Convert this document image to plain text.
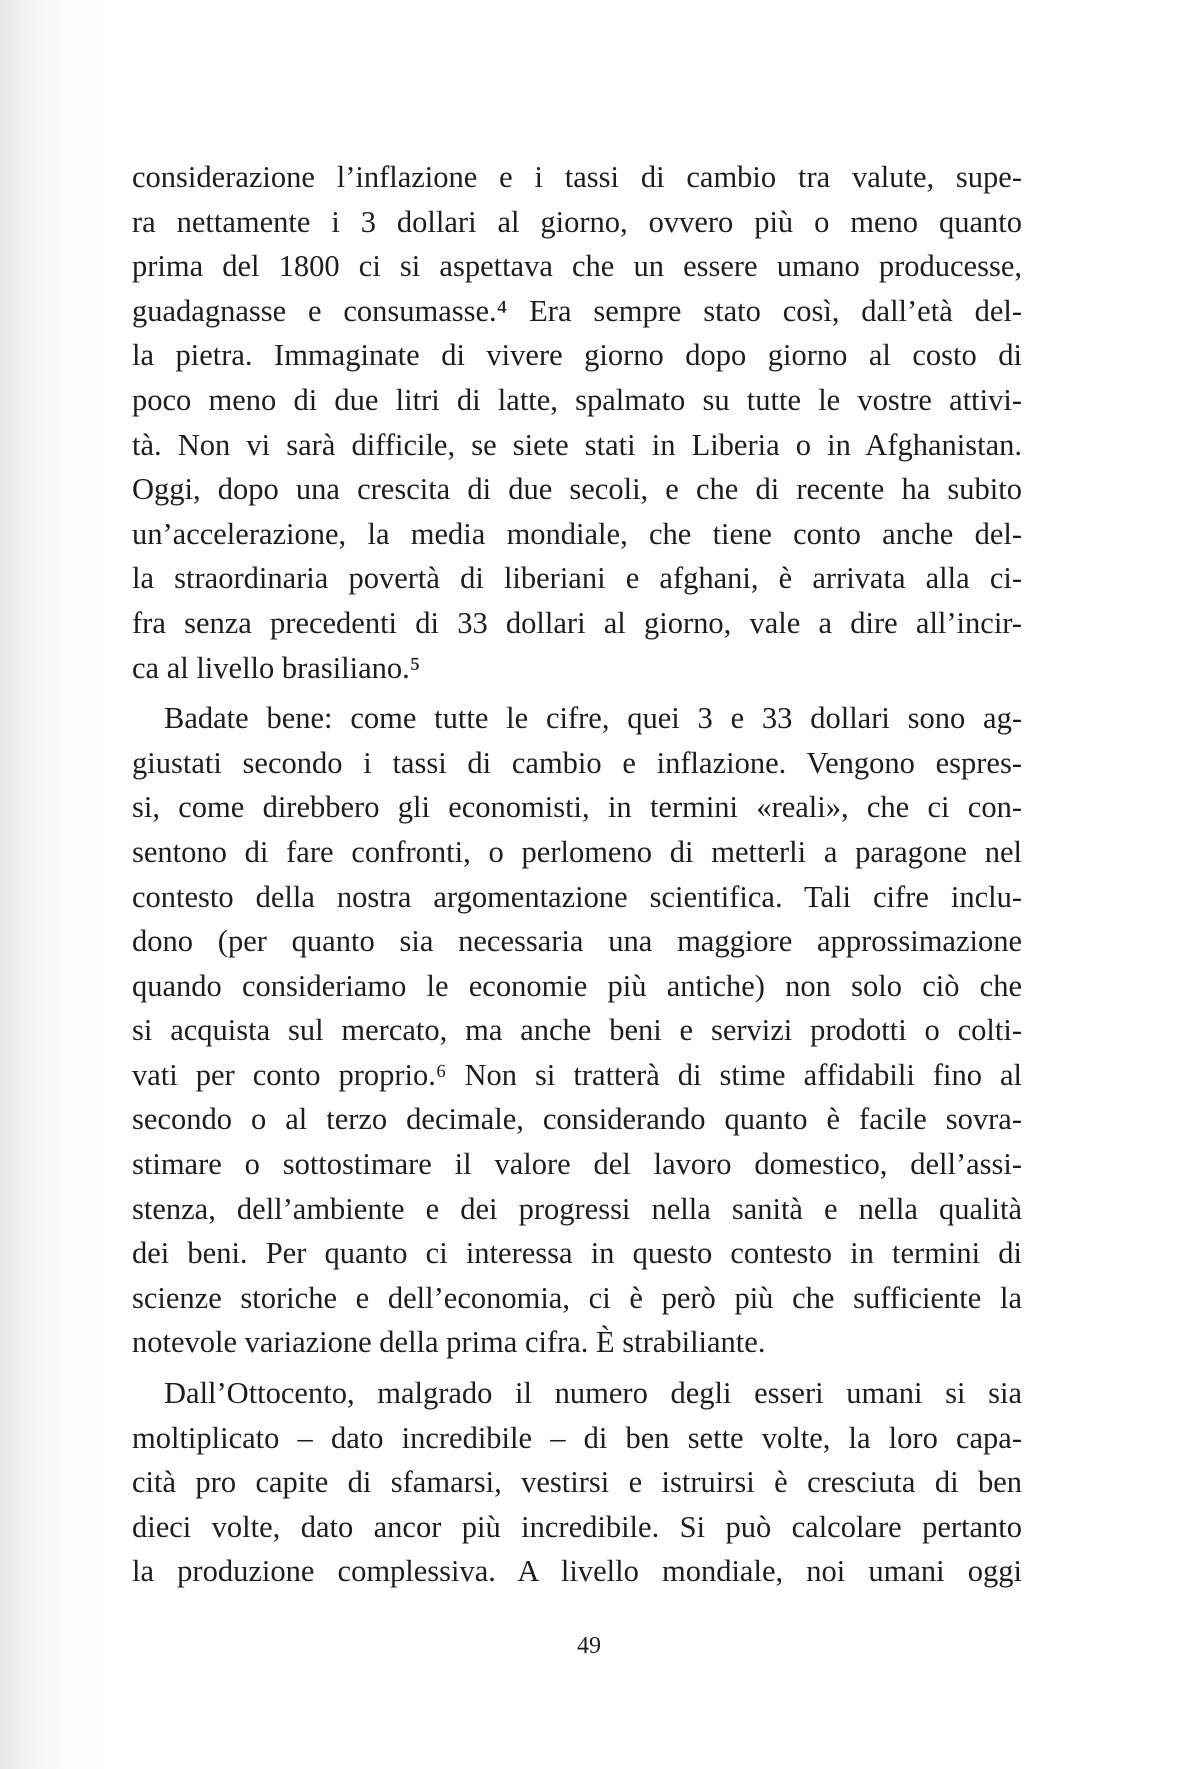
considerazione l’inflazione e i tassi di cambio tra valute, supe-
ra nettamente i 3 dollari al giorno, ovvero più o meno quanto
prima del 1800 ci si aspettava che un essere umano producesse,
guadagnasse e consumasse.⁴ Era sempre stato così, dall’età del-
la pietra. Immaginate di vivere giorno dopo giorno al costo di
poco meno di due litri di latte, spalmato su tutte le vostre attivi-
tà. Non vi sarà difficile, se siete stati in Liberia o in Afghanistan.
Oggi, dopo una crescita di due secoli, e che di recente ha subito
un’accelerazione, la media mondiale, che tiene conto anche del-
la straordinaria povertà di liberiani e afghani, è arrivata alla ci-
fra senza precedenti di 33 dollari al giorno, vale a dire all’incir-
ca al livello brasiliano.⁵
Badate bene: come tutte le cifre, quei 3 e 33 dollari sono ag-
giustati secondo i tassi di cambio e inflazione. Vengono espres-
si, come direbbero gli economisti, in termini «reali», che ci con-
sentono di fare confronti, o perlomeno di metterli a paragone nel
contesto della nostra argomentazione scientifica. Tali cifre inclu-
dono (per quanto sia necessaria una maggiore approssimazione
quando consideriamo le economie più antiche) non solo ciò che
si acquista sul mercato, ma anche beni e servizi prodotti o colti-
vati per conto proprio.⁶ Non si tratterà di stime affidabili fino al
secondo o al terzo decimale, considerando quanto è facile sovra-
stimare o sottostimare il valore del lavoro domestico, dell’assi-
stenza, dell’ambiente e dei progressi nella sanità e nella qualità
dei beni. Per quanto ci interessa in questo contesto in termini di
scienze storiche e dell’economia, ci è però più che sufficiente la
notevole variazione della prima cifra. È strabiliante.
Dall’Ottocento, malgrado il numero degli esseri umani si sia
moltiplicato – dato incredibile – di ben sette volte, la loro capa-
cità pro capite di sfamarsi, vestirsi e istruirsi è cresciuta di ben
dieci volte, dato ancor più incredibile. Si può calcolare pertanto
la produzione complessiva. A livello mondiale, noi umani oggi
49
